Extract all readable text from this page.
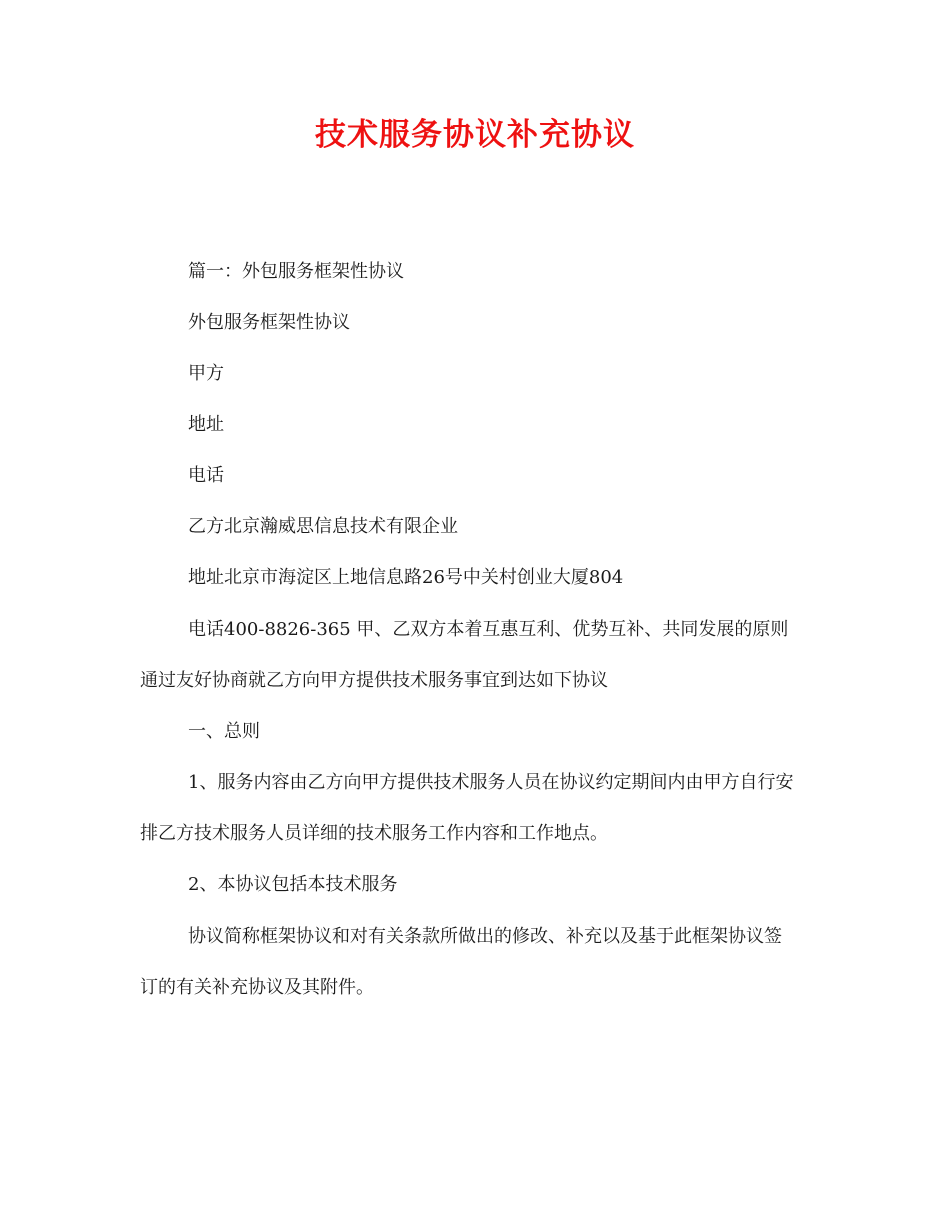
技术服务协议补充协议
篇一：外包服务框架性协议
外包服务框架性协议
甲方
地址
电话
乙方北京瀚威思信息技术有限企业
地址北京市海淀区上地信息路26号中关村创业大厦804
电话400-8826-365 甲、乙双方本着互惠互利、优势互补、共同发展的原则
通过友好协商就乙方向甲方提供技术服务事宜到达如下协议
一、总则
1、服务内容由乙方向甲方提供技术服务人员在协议约定期间内由甲方自行安
排乙方技术服务人员详细的技术服务工作内容和工作地点。
2、本协议包括本技术服务
协议简称框架协议和对有关条款所做出的修改、补充以及基于此框架协议签
订的有关补充协议及其附件。
